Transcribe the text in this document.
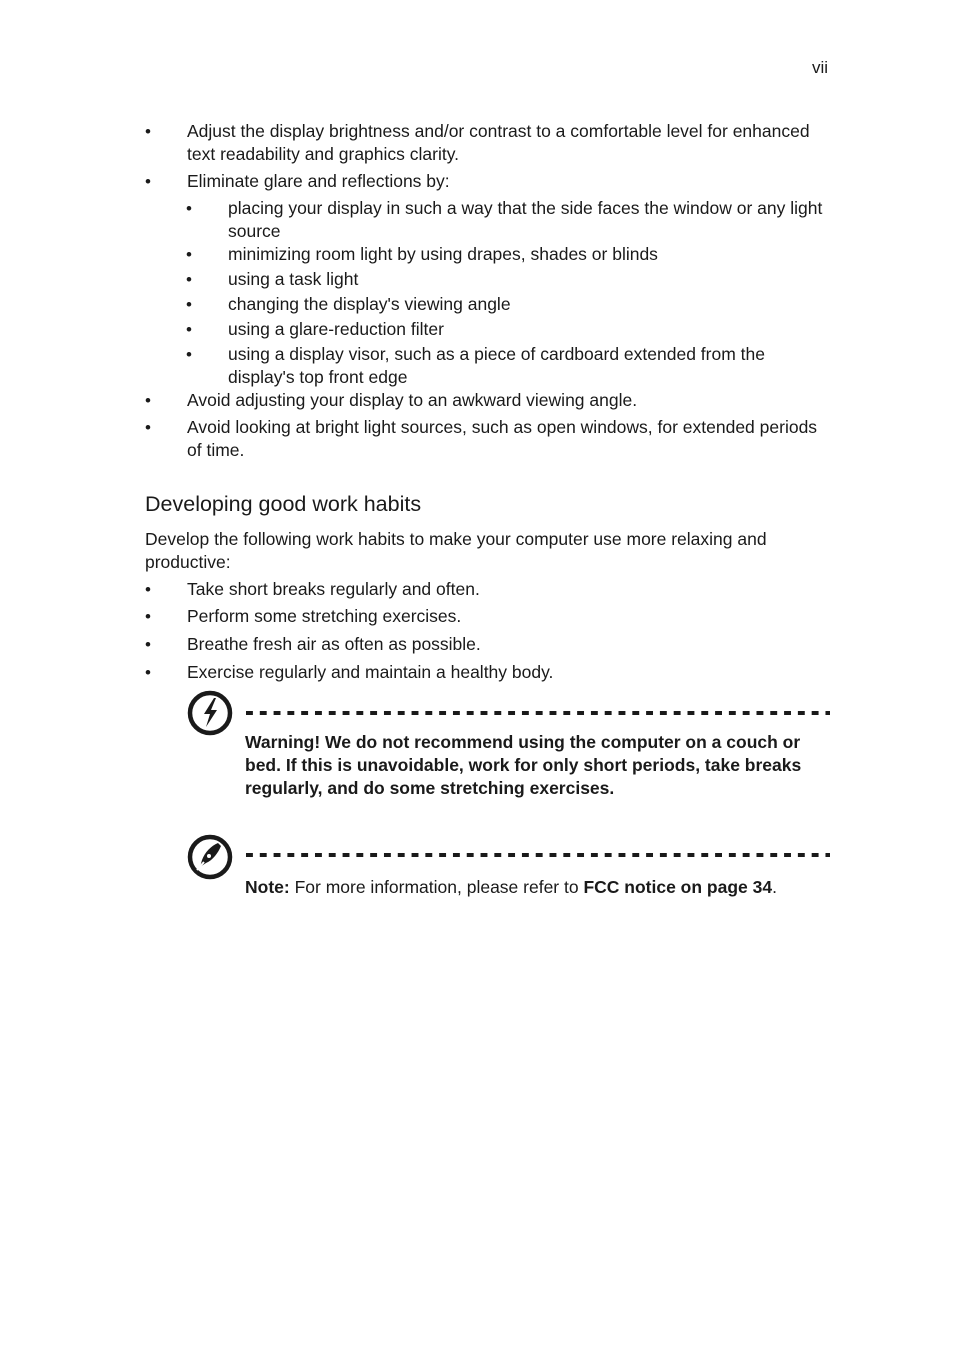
vii
• Adjust the display brightness and/or contrast to a comfortable level for enhanced text readability and graphics clarity.
• Eliminate glare and reflections by:
• placing your display in such a way that the side faces the window or any light source
• minimizing room light by using drapes, shades or blinds
• using a task light
• changing the display's viewing angle
• using a glare-reduction filter
• using a display visor, such as a piece of cardboard extended from the display's top front edge
• Avoid adjusting your display to an awkward viewing angle.
• Avoid looking at bright light sources, such as open windows, for extended periods of time.
Developing good work habits
Develop the following work habits to make your computer use more relaxing and productive:
• Take short breaks regularly and often.
• Perform some stretching exercises.
• Breathe fresh air as often as possible.
• Exercise regularly and maintain a healthy body.
Warning! We do not recommend using the computer on a couch or bed. If this is unavoidable, work for only short periods, take breaks regularly, and do some stretching exercises.
Note: For more information, please refer to FCC notice on page 34.
